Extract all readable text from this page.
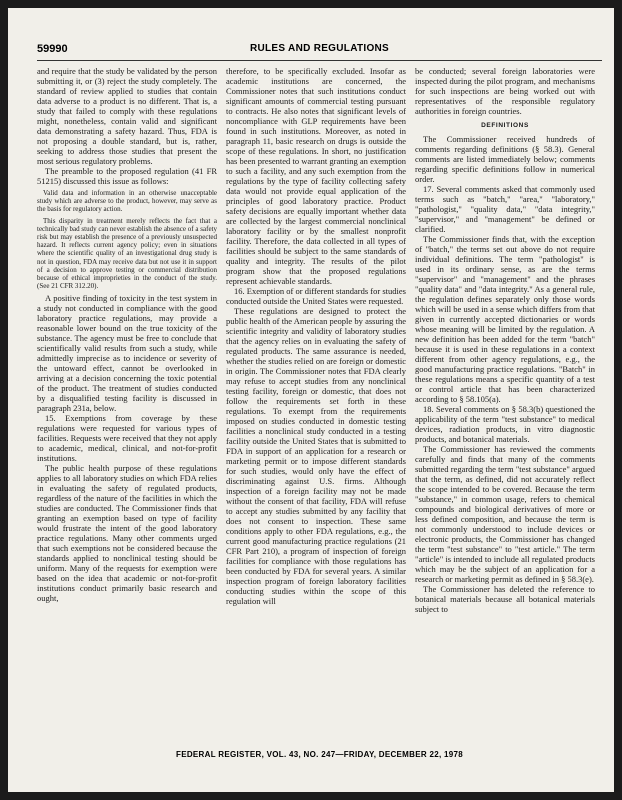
59990	RULES AND REGULATIONS

and require that the study be validated by the person submitting it, or (3) reject the study completely. The standard of review applied to studies that contain data adverse to a product is no different. That is, a study that failed to comply with these regulations might, nonetheless, contain valid and significant data demonstrating a safety hazard. Thus, FDA is not proposing a double standard, but is, rather, seeking to address those studies that present the most serious regulatory problems.

The preamble to the proposed regulation (41 FR 51215) discussed this issue as follows:

Valid data and information in an otherwise unacceptable study which are adverse to the product, however, may serve as the basis for regulatory action.

This disparity in treatment merely reflects the fact that a technically bad study can never establish the absence of a safety risk but may establish the presence of a previously unsuspected hazard. It reflects current agency policy; even in situations where the scientific quality of an investigational drug study is not in question, FDA may receive data but not use it in support of a decision to approve testing or commercial distribution because of ethical improprieties in the conduct of the study. (See 21 CFR 312.20).

A positive finding of toxicity in the test system in a study not conducted in compliance with the good laboratory practice regulations, may provide a reasonable lower bound on the true toxicity of the substance. The agency must be free to conclude that scientifically valid results from such a study, while admittedly imprecise as to incidence or severity of the untoward effect, cannot be overlooked in arriving at a decision concerning the toxic potential of the product. The treatment of studies conducted by a disqualified testing facility is discussed in paragraph 231a, below.

15. Exemptions from coverage by these regulations were requested for various types of facilities. Requests were received that they not apply to academic, medical, clinical, and not-for-profit institutions.

The public health purpose of these regulations applies to all laboratory studies on which FDA relies in evaluating the safety of regulated products, regardless of the nature of the facilities in which the studies are conducted. The Commissioner finds that granting an exemption based on type of facility would frustrate the intent of the good laboratory practice regulations. Many other comments urged that such exemptions not be considered because the standards applied to nonclinical testing should be uniform. Many of the requests for exemption were based on the idea that academic or not-for-profit institutions conduct primarily basic research and ought,

therefore, to be specifically excluded. Insofar as academic institutions are concerned, the Commissioner notes that such institutions conduct significant amounts of commercial testing pursuant to contracts. He also notes that significant levels of noncompliance with GLP requirements have been found in such institutions. Moreover, as noted in paragraph 11, basic research on drugs is outside the scope of these regulations. In short, no justification has been presented to warrant granting an exemption to such a facility, and any such exemption from the regulations by the type of facility collecting safety data would not provide equal application of the principles of good laboratory practice. Product safety decisions are equally important whether data are collected by the largest commercial nonclinical laboratory facility or by the smallest nonprofit facility. Therefore, the data collected in all types of facilities should be subject to the same standards of quality and integrity. The results of the pilot program show that the proposed regulations represent achievable standards.

16. Exemption of or different standards for studies conducted outside the United States were requested.

These regulations are designed to protect the public health of the American people by assuring the scientific integrity and validity of laboratory studies that the agency relies on in evaluating the safety of regulated products. The same assurance is needed, whether the studies relied on are foreign or domestic in origin. The Commissioner notes that FDA clearly may refuse to accept studies from any nonclinical testing facility, foreign or domestic, that does not follow the requirements set forth in these regulations. To exempt from the requirements imposed on studies conducted in domestic testing facilities a nonclinical study conducted in a testing facility outside the United States that is submitted to FDA in support of an application for a research or marketing permit or to impose different standards for such studies, would only have the effect of discriminating against U.S. firms. Although inspection of a foreign facility may not be made without the consent of that facility, FDA will refuse to accept any studies submitted by any facility that does not consent to inspection. These same conditions apply to other FDA regulations, e.g., the current good manufacturing practice regulations (21 CFR Part 210), a program of inspection of foreign facilities for compliance with those regulations has been conducted by FDA for several years. A similar inspection program of foreign laboratory facilities conducting studies within the scope of this regulation will

be conducted; several foreign laboratories were inspected during the pilot program, and mechanisms for such inspections are being worked out with representatives of the responsible regulatory authorities in foreign countries.

DEFINITIONS

The Commissioner received hundreds of comments regarding definitions (§ 58.3). General comments are listed immediately below; comments regarding specific definitions follow in numerical order.

17. Several comments asked that commonly used terms such as "batch," "area," "laboratory," "pathologist," "quality data," "data integrity," "supervisor," and "management" be defined or clarified.

The Commissioner finds that, with the exception of "batch," the terms set out above do not require individual definitions. The term "pathologist" is used in its ordinary sense, as are the terms "supervisor" and "management" and the phrases "quality data" and "data integrity." As a general rule, the regulation defines separately only those words which will be used in a sense which differs from that given in currently accepted dictionaries or words whose meaning will be limited by the regulation. A new definition has been added for the term "batch" because it is used in these regulations in a context different from other agency regulations, e.g., the good manufacturing practice regulations. "Batch" in these regulations means a specific quantity of a test or control article that has been characterized according to § 58.105(a).

18. Several comments on § 58.3(b) questioned the applicability of the term "test substance" to medical devices, radiation products, in vitro diagnostic products, and botanical materials.

The Commissioner has reviewed the comments carefully and finds that many of the comments submitted regarding the term "test substance" argued that the term, as defined, did not accurately reflect the scope intended to be covered. Because the term "substance," in common usage, refers to chemical compounds and biological derivatives of more or less defined composition, and because the term is not commonly understood to include devices or electronic products, the Commissioner has changed the term "test substance" to "test article." The term "article" is intended to include all regulated products which may be the subject of an application for a research or marketing permit as defined in § 58.3(e).

The Commissioner has deleted the reference to botanical materials because all botanical materials subject to

FEDERAL REGISTER, VOL. 43, NO. 247—FRIDAY, DECEMBER 22, 1978
